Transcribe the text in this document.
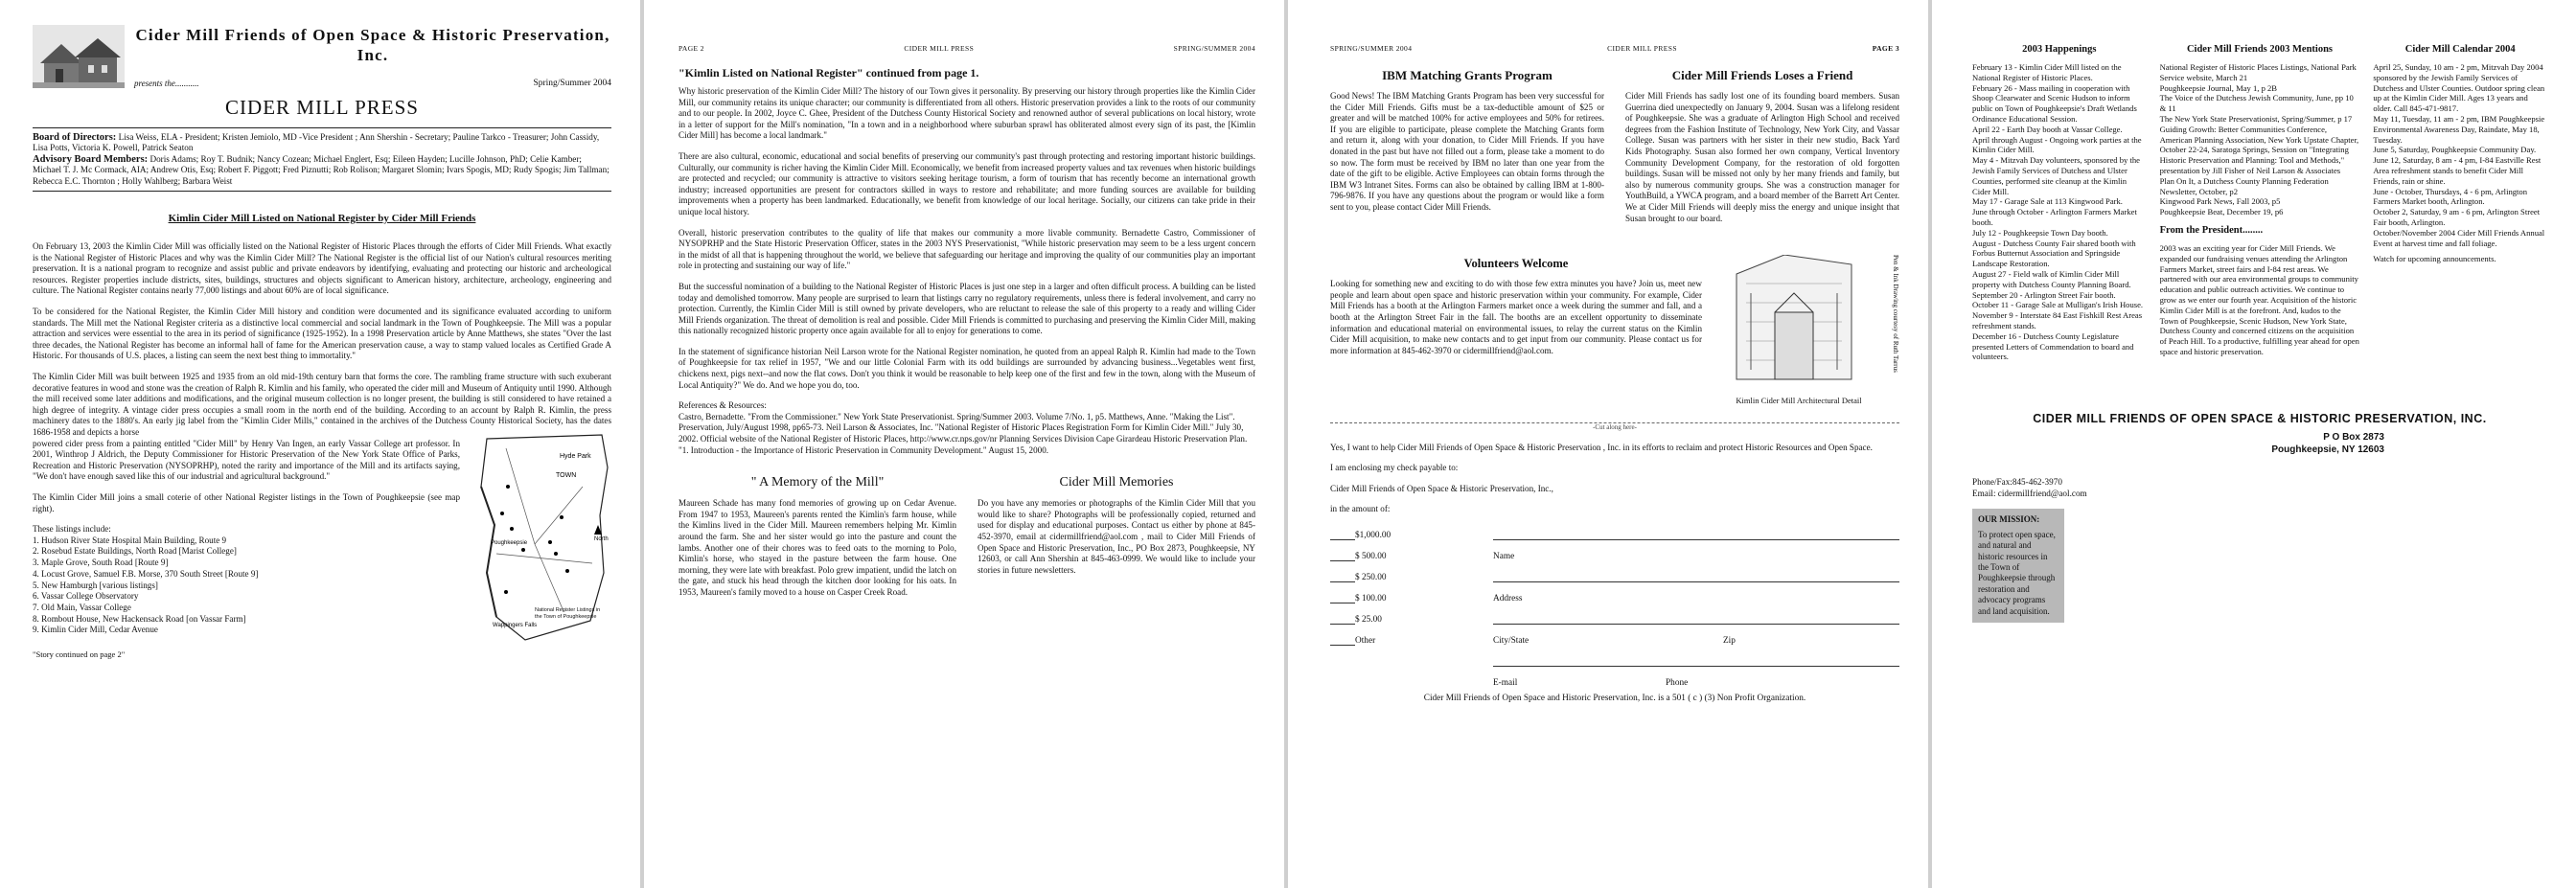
Cider Mill Friends of Open Space & Historic Preservation, Inc.
presents the...........	Spring/Summer 2004
CIDER MILL PRESS
Board of Directors: Lisa Weiss, ELA - President; Kristen Jemiolo, MD -Vice President ; Ann Shershin - Secretary; Pauline Tarkco - Treasurer; John Cassidy, Lisa Potts, Victoria K. Powell, Patrick Seaton
Advisory Board Members: Doris Adams; Roy T. Budnik; Nancy Cozean; Michael Englert, Esq; Eileen Hayden; Lucille Johnson, PhD; Celie Kamber; Michael T. J. Mc Cormack, AIA; Andrew Otis, Esq; Robert F. Piggott; Fred Piznutti; Rob Rolison; Margaret Slomin; Ivars Spogis, MD; Rudy Spogis; Jim Tallman; Rebecca E.C. Thornton ; Holly Wahlberg; Barbara Weist
Kimlin Cider Mill Listed on National Register by Cider Mill Friends

On February 13, 2003 the Kimlin Cider Mill was officially listed on the National Register of Historic Places through the efforts of Cider Mill Friends. What exactly is the National Register of Historic Places and why was the Kimlin Cider Mill? The National Register is the official list of our Nation's cultural resources meriting preservation. It is a national program to recognize and assist public and private endeavors by identifying, evaluating and protecting our historic and archeological resources. Register properties include districts, sites, buildings, structures and objects significant to American history, architecture, archeology, engineering and culture. The National Register contains nearly 77,000 listings and about 60% are of local significance.

To be considered for the National Register, the Kimlin Cider Mill history and condition were documented and its significance evaluated according to uniform standards. The Mill met the National Register criteria as a distinctive local commercial and social landmark in the Town of Poughkeepsie. The Mill was a popular attraction and services were essential to the area in its period of significance (1925-1952). In a 1998 Preservation article by Anne Matthews, she states "Over the last three decades, the National Register has become an informal hall of fame for the American preservation cause, a way to stamp valued locales as Certified Grade A Historic. For thousands of U.S. places, a listing can seem the next best thing to immortality."

The Kimlin Cider Mill was built between 1925 and 1935 from an old mid-19th century barn that forms the core. The rambling frame structure with such exuberant decorative features in wood and stone was the creation of Ralph R. Kimlin and his family, who operated the cider mill and Museum of Antiquity until 1990. Although the mill received some later additions and modifications, and the original museum collection is no longer present, the building is still considered to have retained a high degree of integrity. A vintage cider press occupies a small room in the north end of the building. According to an account by Ralph R. Kimlin, the press machinery dates to the 1880's. An early jig label from the "Kimlin Cider Mills," contained in the archives of the Dutchess County Historical Society, has the dates 1686-1958 and depicts a horse

powered cider press from a painting entitled "Cider Mill" by Henry Van Ingen, an early Vassar College art professor. In 2001, Winthrop J Aldrich, the Deputy Commissioner for Historic Preservation of the New York State Office of Parks, Recreation and Historic Preservation (NYSOPRHP), noted the rarity and importance of the Mill and its artifacts saying, "We don't have enough saved like this of our industrial and agricultural background."

The Kimlin Cider Mill joins a small coterie of other National Register listings in the Town of Poughkeepsie (see map right).

These listings include:
1. Hudson River State Hospital Main Building, Route 9
2. Rosebud Estate Buildings, North Road [Marist College]
3. Maple Grove, South Road [Route 9]
4. Locust Grove, Samuel F.B. Morse, 370 South Street [Route 9]
5. New Hamburgh [various listings]
6. Vassar College Observatory
7. Old Main, Vassar College
8. Rombout House, New Hackensack Road [on Vassar Farm]
9. Kimlin Cider Mill, Cedar Avenue
"Story continued on page 2"
Hyde Park
TOWN
Poughkeepsie
Wappingers Falls
North
National Register Listings in the Town of Poughkeepsie
PAGE 2	CIDER MILL PRESS	SPRING/SUMMER 2004
"Kimlin Listed on National Register" continued from page 1.

Why historic preservation of the Kimlin Cider Mill? The history of our Town gives it personality. By preserving our history through properties like the Kimlin Cider Mill, our community retains its unique character; our community is differentiated from all others. Historic preservation provides a link to the roots of our community and to our people. In 2002, Joyce C. Ghee, President of the Dutchess County Historical Society and renowned author of several publications on local history, wrote in a letter of support for the Mill's nomination, "In a town and in a neighborhood where suburban sprawl has obliterated almost every sign of its past, the [Kimlin Cider Mill] has become a local landmark."

There are also cultural, economic, educational and social benefits of preserving our community's past through protecting and restoring important historic buildings. Culturally, our community is richer having the Kimlin Cider Mill. Economically, we benefit from increased property values and tax revenues when historic buildings are protected and recycled; our community is attractive to visitors seeking heritage tourism, a form of tourism that has recently become an international growth industry; increased opportunities are present for contractors skilled in ways to restore and rehabilitate; and more funding sources are available for building improvements when a property has been landmarked. Educationally, we benefit from knowledge of our local heritage. Socially, our citizens can take pride in their unique local history.

Overall, historic preservation contributes to the quality of life that makes our community a more livable community. Bernadette Castro, Commissioner of NYSOPRHP and the State Historic Preservation Officer, states in the 2003 NYS Preservationist, "While historic preservation may seem to be a less urgent concern in the midst of all that is happening throughout the world, we believe that safeguarding our heritage and improving the quality of our communities play an important role in protecting and sustaining our way of life."

But the successful nomination of a building to the National Register of Historic Places is just one step in a larger and often difficult process. A building can be listed today and demolished tomorrow. Many people are surprised to learn that listings carry no regulatory requirements, unless there is federal involvement, and carry no protection. Currently, the Kimlin Cider Mill is still owned by private developers, who are reluctant to release the sale of this property to a ready and willing Cider Mill Friends organization. The threat of demolition is real and possible. Cider Mill Friends is committed to purchasing and preserving the Kimlin Cider Mill, making this nationally recognized historic property once again available for all to enjoy for generations to come.

In the statement of significance historian Neil Larson wrote for the National Register nomination, he quoted from an appeal Ralph R. Kimlin had made to the Town of Poughkeepsie for tax relief in 1957, "We and our little Colonial Farm with its odd buildings are surrounded by advancing business...Vegetables went first, chickens next, pigs next--and now the flat cows. Don't you think it would be reasonable to help keep one of the first and few in the town, along with the Museum of Local Antiquity?" We do. And we hope you do, too.

References & Resources:

Castro, Bernadette. "From the Commissioner." New York State Preservationist. Spring/Summer 2003. Volume 7/No. 1, p5. Matthews, Anne. "Making the List". Preservation, July/August 1998, pp65-73. Neil Larson & Associates, Inc. "National Register of Historic Places Registration Form for Kimlin Cider Mill." July 30, 2002. Official website of the National Register of Historic Places, http://www.cr.nps.gov/nr Planning Services Division Cape Girardeau Historic Preservation Plan. "1. Introduction - the Importance of Historic Preservation in Community Development." August 15, 2000.

" A Memory of the Mill"

Maureen Schade has many fond memories of growing up on Cedar Avenue. From 1947 to 1953, Maureen's parents rented the Kimlin's farm house, while the Kimlins lived in the Cider Mill. Maureen remembers helping Mr. Kimlin around the farm. She and her sister would go into the pasture and count the lambs. Another one of their chores was to feed oats to the morning to Polo, Kimlin's horse, who stayed in the pasture between the farm house. One morning, they were late with breakfast. Polo grew impatient, undid the latch on the gate, and stuck his head through the kitchen door looking for his oats. In 1953, Maureen's family moved to a house on Casper Creek Road.

Cider Mill Memories

Do you have any memories or photographs of the Kimlin Cider Mill that you would like to share? Photographs will be professionally copied, returned and used for display and educational purposes. Contact us either by phone at 845-452-3970, email at cidermillfriend@aol.com , mail to Cider Mill Friends of Open Space and Historic Preservation, Inc., PO Box 2873, Poughkeepsie, NY 12603, or call Ann Shershin at 845-463-0999. We would like to include your stories in future newsletters.

SPRING/SUMMER 2004	CIDER MILL PRESS	PAGE 3
IBM Matching Grants Program

Good News! The IBM Matching Grants Program has been very successful for the Cider Mill Friends. Gifts must be a tax-deductible amount of $25 or greater and will be matched 100% for active employees and 50% for retirees. If you are eligible to participate, please complete the Matching Grants form and return it, along with your donation, to Cider Mill Friends. If you have donated in the past but have not filled out a form, please take a moment to do so now. The form must be received by IBM no later than one year from the date of the gift to be eligible. Active Employees can obtain forms through the IBM W3 Intranet Sites. Forms can also be obtained by calling IBM at 1-800-796-9876. If you have any questions about the program or would like a form sent to you, please contact Cider Mill Friends.

Cider Mill Friends Loses a Friend

Cider Mill Friends has sadly lost one of its founding board members. Susan Guerrina died unexpectedly on January 9, 2004. Susan was a lifelong resident of Poughkeepsie. She was a graduate of Arlington High School and received degrees from the Fashion Institute of Technology, New York City, and Vassar College. Susan was partners with her sister in their new studio, Back Yard Kids Photography. Susan also formed her own company, Vertical Inventory Community Development Company, for the restoration of old forgotten buildings. Susan will be missed not only by her many friends and family, but also by numerous community groups. She was a construction manager for YouthBuild, a YWCA program, and a board member of the Barrett Art Center. We at Cider Mill Friends will deeply miss the energy and unique insight that Susan brought to our board.

Volunteers Welcome

Looking for something new and exciting to do with those few extra minutes you have? Join us, meet new people and learn about open space and historic preservation within your community. For example, Cider Mill Friends has a booth at the Arlington Farmers market once a week during the summer and fall, and a booth at the Arlington Street Fair in the fall. The booths are an excellent opportunity to disseminate information and educational material on environmental issues, to relay the current status on the Kimlin Cider Mill acquisition, to make new contacts and to get input from our community. Please contact us for more information at 845-462-3970 or cidermillfriend@aol.com.

Kimlin Cider Mill Architectural Detail
Pen & Ink Drawing courtesy of Ruth Tarrus
-Cut along here-

Yes, I want to help Cider Mill Friends of Open Space & Historic Preservation , Inc. in its efforts to reclaim and protect Historic Resources and Open Space.

I am enclosing my check payable to:
Cider Mill Friends of Open Space & Historic Preservation, Inc.,
in the amount of:
$1,000.00
$ 500.00
$ 250.00
$ 100.00
$ 25.00
Other
Name
Address
City/State	Zip
E-mail	Phone
Cider Mill Friends of Open Space and Historic Preservation, Inc. is a 501 ( c ) (3) Non Profit Organization.
2003 Happenings
February 13 - Kimlin Cider Mill listed on the National Register of Historic Places.
February 26 - Mass mailing in cooperation with Shoop Clearwater and Scenic Hudson to inform public on Town of Poughkeepsie's Draft Wetlands Ordinance Educational Session.
April 22 - Earth Day booth at Vassar College.
April through August - Ongoing work parties at the Kimlin Cider Mill.
May 4 - Mitzvah Day volunteers, sponsored by the Jewish Family Services of Dutchess and Ulster Counties, performed site cleanup at the Kimlin Cider Mill.
May 17 - Garage Sale at 113 Kingwood Park.
June through October - Arlington Farmers Market booth.
July 12 - Poughkeepsie Town Day booth.
August - Dutchess County Fair shared booth with Forbus Butternut Association and Springside Landscape Restoration.
August 27 - Field walk of Kimlin Cider Mill property with Dutchess County Planning Board.
September 20 - Arlington Street Fair booth.
October 11 - Garage Sale at Mulligan's Irish House.
November 9 - Interstate 84 East Fishkill Rest Areas refreshment stands.
December 16 - Dutchess County Legislature presented Letters of Commendation to board and volunteers.
Cider Mill Friends 2003 Mentions
National Register of Historic Places Listings, National Park Service website, March 21
Poughkeepsie Journal, May 1, p 2B
The Voice of the Dutchess Jewish Community, June, pp 10 & 11
The New York State Preservationist, Spring/Summer, p 17
Guiding Growth: Better Communities Conference, American Planning Association, New York Upstate Chapter, October 22-24, Saratoga Springs, Session on "Integrating Historic Preservation and Planning: Tool and Methods," presentation by Jill Fisher of Neil Larson & Associates
Plan On It, a Dutchess County Planning Federation Newsletter, October, p2
Kingwood Park News, Fall 2003, p5
Poughkeepsie Beat, December 19, p6
From the President........
2003 was an exciting year for Cider Mill Friends. We expanded our fundraising venues attending the Arlington Farmers Market, street fairs and I-84 rest areas. We partnered with our area environmental groups to community education and public outreach activities. We continue to grow as we enter our fourth year. Acquisition of the historic Kimlin Cider Mill is at the forefront. And, kudos to the Town of Poughkeepsie, Scenic Hudson, New York State, Dutchess County and concerned citizens on the acquisition of Peach Hill. To a productive, fulfilling year ahead for open space and historic preservation.
Cider Mill Calendar 2004
April 25, Sunday, 10 am - 2 pm, Mitzvah Day 2004 sponsored by the Jewish Family Services of Dutchess and Ulster Counties. Outdoor spring clean up at the Kimlin Cider Mill. Ages 13 years and older. Call 845-471-9817.
May 11, Tuesday, 11 am - 2 pm, IBM Poughkeepsie Environmental Awareness Day, Raindate, May 18, Tuesday.
June 5, Saturday, Poughkeepsie Community Day.
June 12, Saturday, 8 am - 4 pm, I-84 Eastville Rest Area refreshment stands to benefit Cider Mill Friends, rain or shine.
June - October, Thursdays, 4 - 6 pm, Arlington Farmers Market booth, Arlington.
October 2, Saturday, 9 am - 6 pm, Arlington Street Fair booth, Arlington.
October/November 2004 Cider Mill Friends Annual Event at harvest time and fall foliage.
Watch for upcoming announcements.
CIDER MILL FRIENDS OF OPEN SPACE & HISTORIC PRESERVATION, INC.
P O Box 2873
Poughkeepsie, NY 12603
Phone/Fax:845-462-3970
Email: cidermillfriend@aol.com
OUR MISSION:
To protect open space, and natural and historic resources in the Town of Poughkeepsie through restoration and advocacy programs and land acquisition.
